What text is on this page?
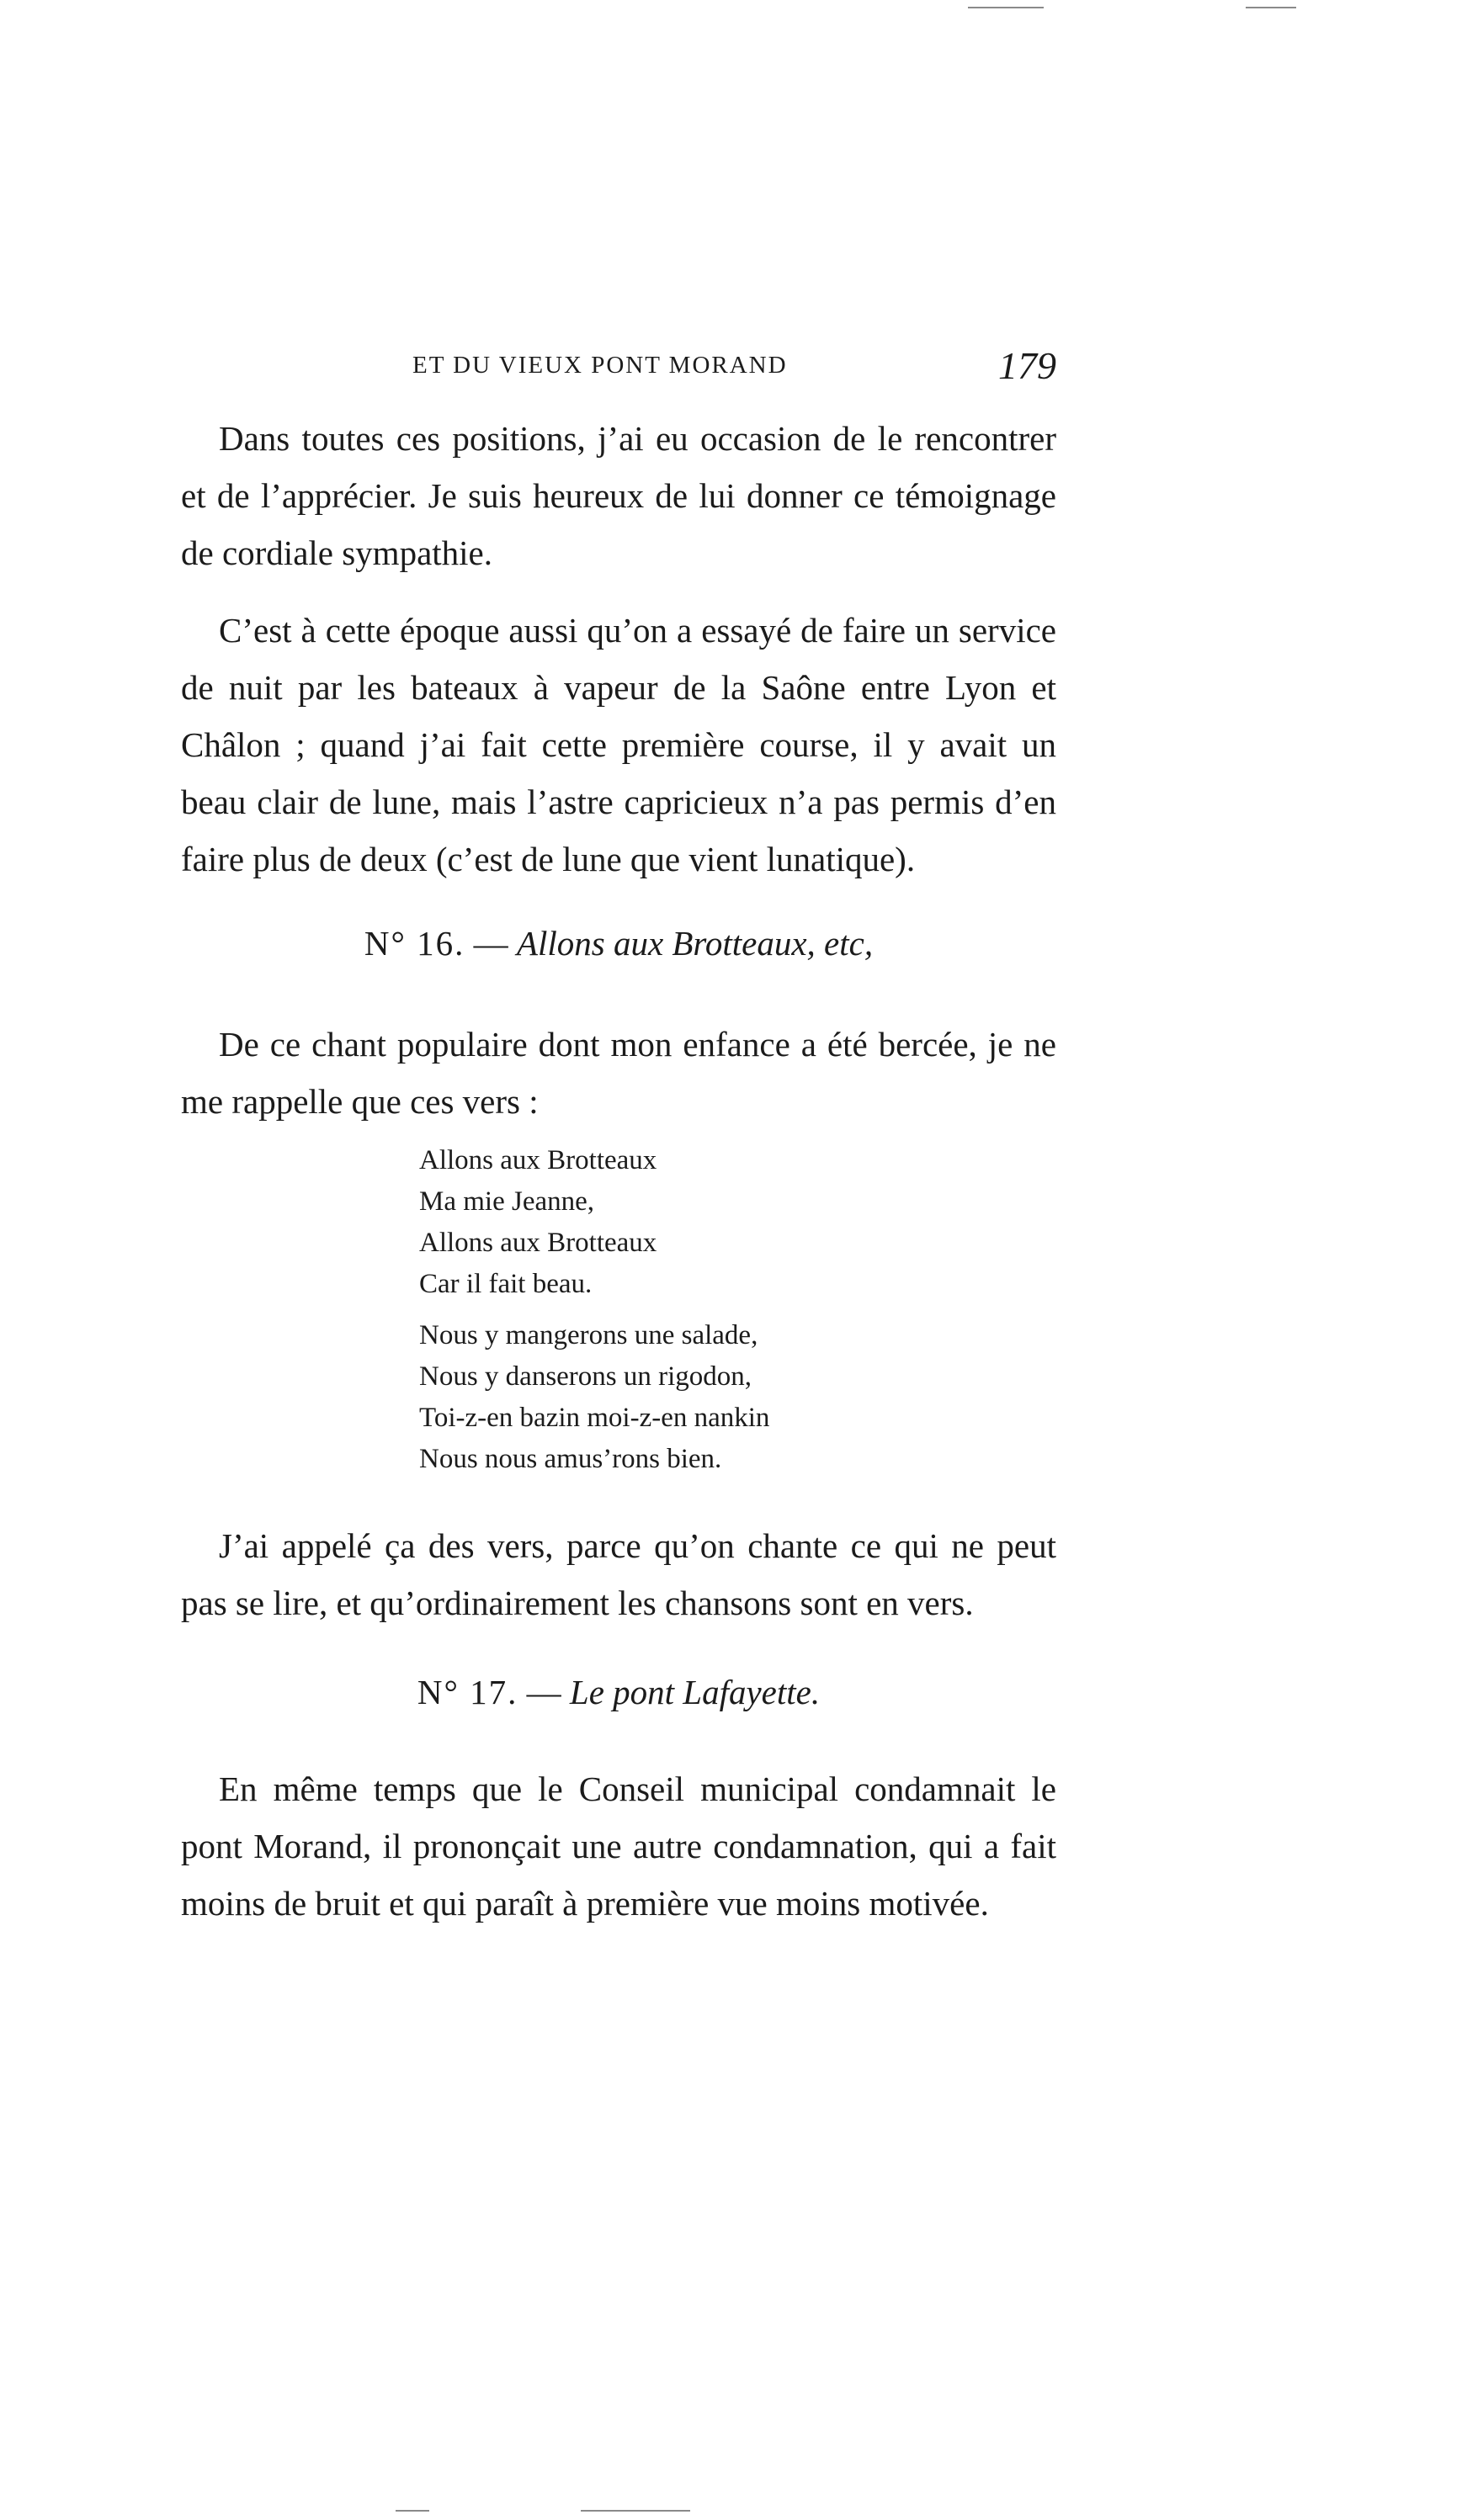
ET DU VIEUX PONT MORAND	179

Dans toutes ces positions, j’ai eu occasion de le rencontrer et de l’apprécier. Je suis heureux de lui donner ce témoignage de cordiale sympathie.

C’est à cette époque aussi qu’on a essayé de faire un service de nuit par les bateaux à vapeur de la Saône entre Lyon et Châlon ; quand j’ai fait cette première course, il y avait un beau clair de lune, mais l’astre capricieux n’a pas permis d’en faire plus de deux (c’est de lune que vient lunatique).

N° 16. — Allons aux Brotteaux, etc,

De ce chant populaire dont mon enfance a été bercée, je ne me rappelle que ces vers :

Allons aux Brotteaux
Ma mie Jeanne,
Allons aux Brotteaux
Car il fait beau.
Nous y mangerons une salade,
Nous y danserons un rigodon,
Toi-z-en bazin moi-z-en nankin
Nous nous amus’rons bien.

J’ai appelé ça des vers, parce qu’on chante ce qui ne peut pas se lire, et qu’ordinairement les chansons sont en vers.

N° 17. — Le pont Lafayette.

En même temps que le Conseil municipal condamnait le pont Morand, il prononçait une autre condamnation, qui a fait moins de bruit et qui paraît à première vue moins motivée.
